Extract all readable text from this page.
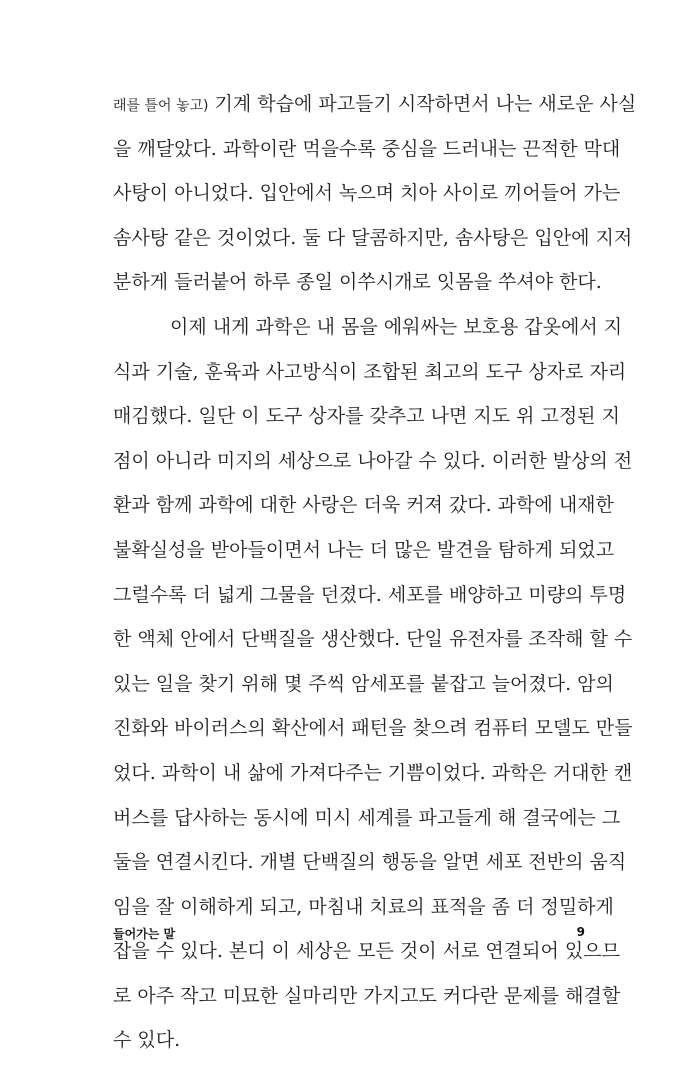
래를 틀어 놓고) 기계 학습에 파고들기 시작하면서 나는 새로운 사실
을 깨달았다. 과학이란 먹을수록 중심을 드러내는 끈적한 막대
사탕이 아니었다. 입안에서 녹으며 치아 사이로 끼어들어 가는
솜사탕 같은 것이었다. 둘 다 달콤하지만, 솜사탕은 입안에 지저
분하게 들러붙어 하루 종일 이쑤시개로 잇몸을 쑤셔야 한다.
이제 내게 과학은 내 몸을 에워싸는 보호용 갑옷에서 지
식과 기술, 훈육과 사고방식이 조합된 최고의 도구 상자로 자리
매김했다. 일단 이 도구 상자를 갖추고 나면 지도 위 고정된 지
점이 아니라 미지의 세상으로 나아갈 수 있다. 이러한 발상의 전
환과 함께 과학에 대한 사랑은 더욱 커져 갔다. 과학에 내재한
불확실성을 받아들이면서 나는 더 많은 발견을 탐하게 되었고
그럴수록 더 넓게 그물을 던졌다. 세포를 배양하고 미량의 투명
한 액체 안에서 단백질을 생산했다. 단일 유전자를 조작해 할 수
있는 일을 찾기 위해 몇 주씩 암세포를 붙잡고 늘어졌다. 암의
진화와 바이러스의 확산에서 패턴을 찾으려 컴퓨터 모델도 만들
었다. 과학이 내 삶에 가져다주는 기쁨이었다. 과학은 거대한 캔
버스를 답사하는 동시에 미시 세계를 파고들게 해 결국에는 그
둘을 연결시킨다. 개별 단백질의 행동을 알면 세포 전반의 움직
임을 잘 이해하게 되고, 마침내 치료의 표적을 좀 더 정밀하게
잡을 수 있다. 본디 이 세상은 모든 것이 서로 연결되어 있으므
로 아주 작고 미묘한 실마리만 가지고도 커다란 문제를 해결할
수 있다.
들어가는 말	9
